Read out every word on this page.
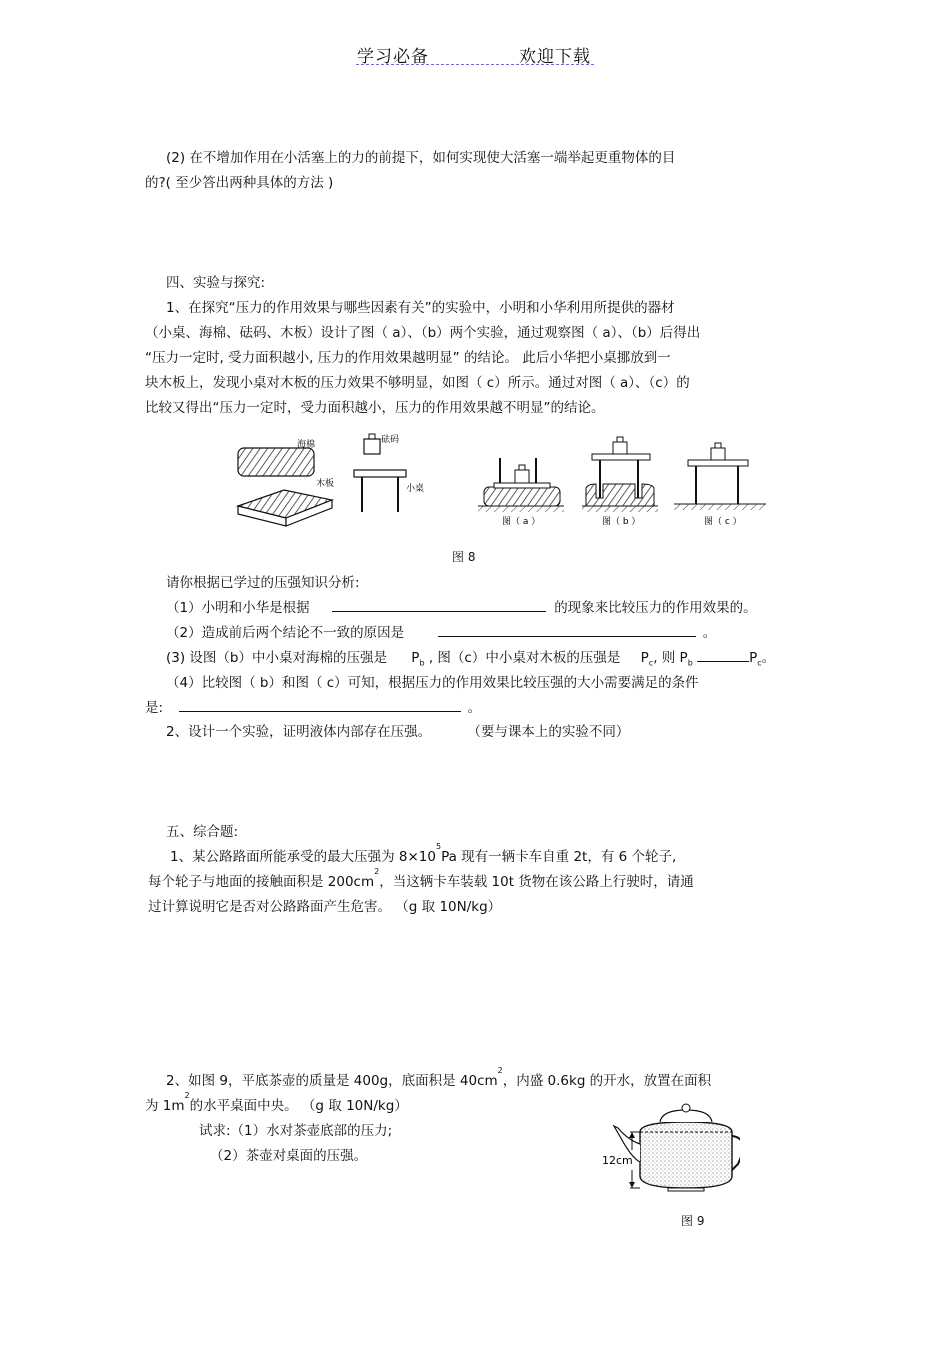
学习必备	欢迎下载
(2) 在不增加作用在小活塞上的力的前提下，如何实现使大活塞一端举起更重物体的目
的?( 至少答出两种具体的方法 )
四、实验与探究:
1、在探究“压力的作用效果与哪些因素有关”的实验中，小明和小华利用所提供的器材
（小桌、海棉、砝码、木板）设计了图（ a）、（b）两个实验，通过观察图（ a）、（b）后得出
“压力一定时, 受力面积越小, 压力的作用效果越明显” 的结论。 此后小华把小桌挪放到一
块木板上，发现小桌对木板的压力效果不够明显，如图（ c）所示。通过对图（ a）、（c）的
比较又得出“压力一定时，受力面积越小，压力的作用效果越不明显”的结论。
海棉
木板
砝码
小桌
图（ a ）	图（ b ）	图（ c ）
图 8
请你根据已学过的压强知识分析:
（1）小明和小华是根据	的现象来比较压力的作用效果的。
（2）造成前后两个结论不一致的原因是	。
(3) 设图（b）中小桌对海棉的压强是 $P_b$ , 图（c）中小桌对木板的压强是 $P_c$, 则 $P_b$	$P_c$。
（4）比较图（ b）和图（ c）可知，根据压力的作用效果比较压强的大小需要满足的条件
是:	。
2、设计一个实验，证明液体内部存在压强。	（要与课本上的实验不同）
五、综合题:
1、某公路路面所能承受的最大压强为 $8\times 10^5Pa$ 现有一辆卡车自重 2t，有 6 个轮子,
每个轮子与地面的接触面积是 $200cm^2$，当这辆卡车装载 10t 货物在该公路上行驶时，请通
过计算说明它是否对公路路面产生危害。 （g 取 10N/kg）
2、如图 9，平底茶壶的质量是 400g，底面积是 $40cm^2$，内盛 0.6kg 的开水，放置在面积
为 $1m^2$的水平桌面中央。 （g 取 10N/kg）
试求:（1）水对茶壶底部的压力;
（2）茶壶对桌面的压强。	12cm
图 9
